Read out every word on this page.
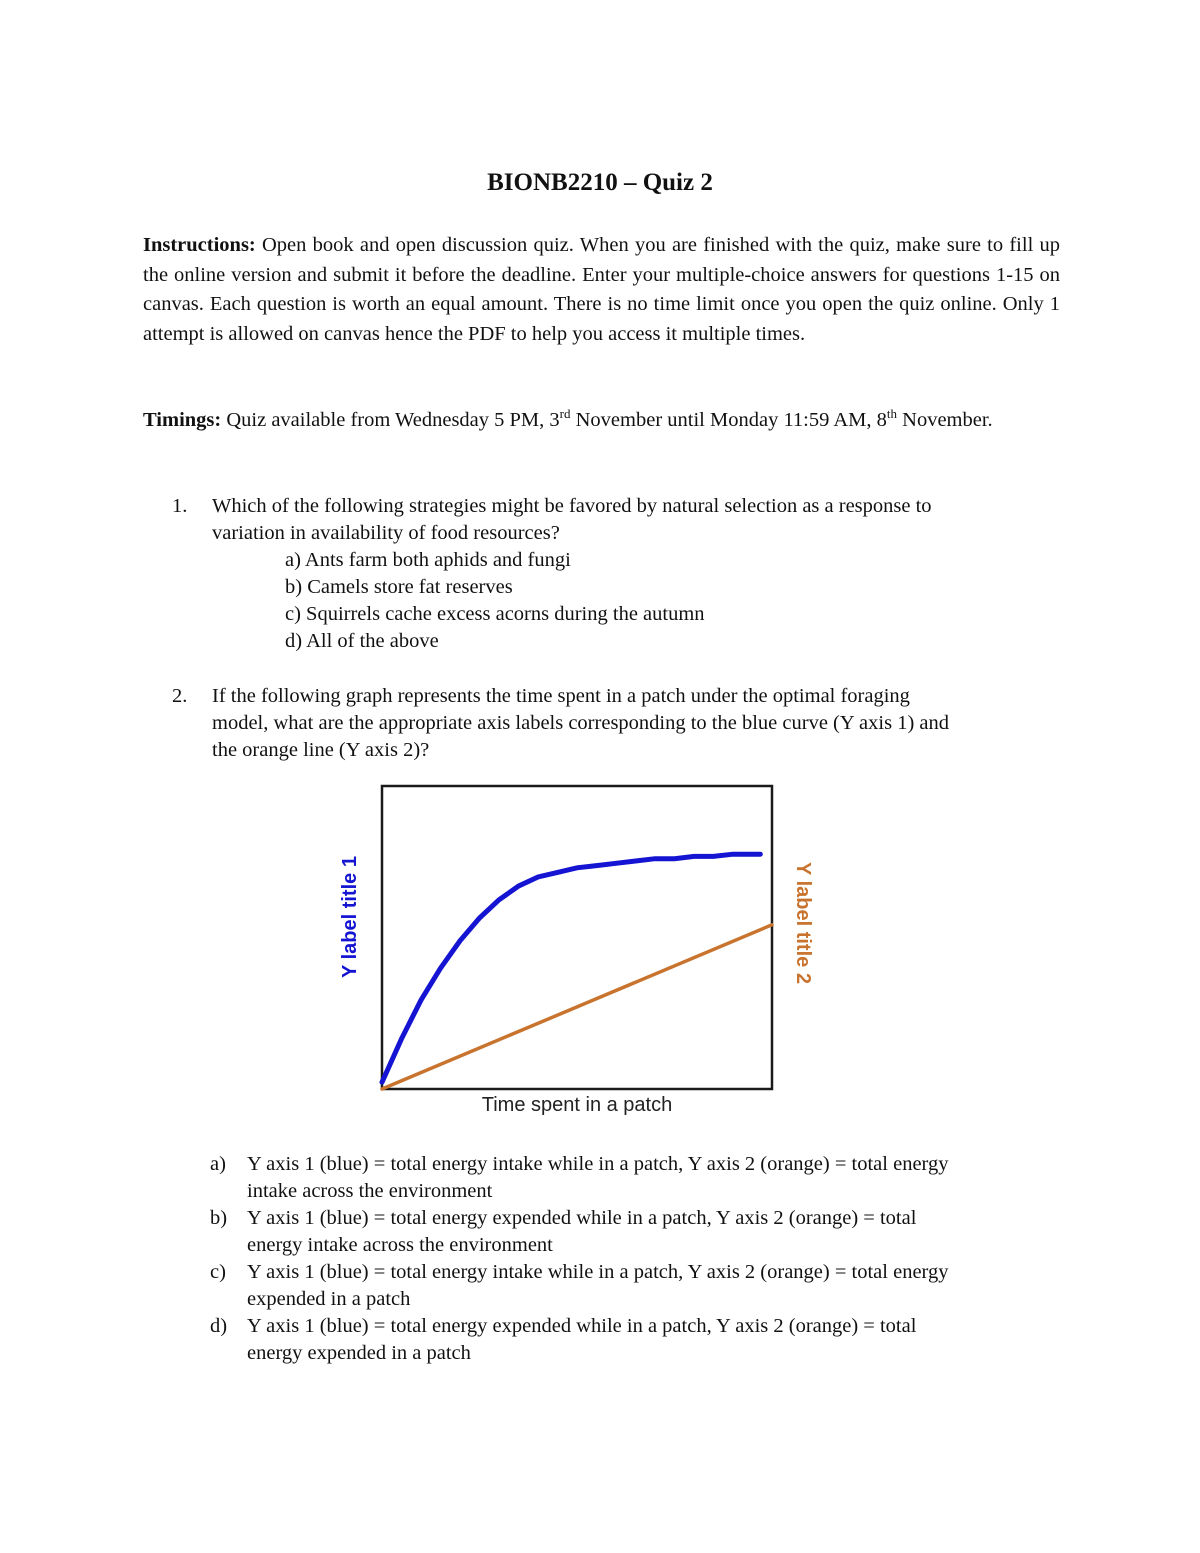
BIONB2210 – Quiz 2
Instructions: Open book and open discussion quiz. When you are finished with the quiz, make sure to fill up the online version and submit it before the deadline. Enter your multiple-choice answers for questions 1-15 on canvas. Each question is worth an equal amount. There is no time limit once you open the quiz online. Only 1 attempt is allowed on canvas hence the PDF to help you access it multiple times.
Timings: Quiz available from Wednesday 5 PM, 3rd November until Monday 11:59 AM, 8th November.
1. Which of the following strategies might be favored by natural selection as a response to
variation in availability of food resources?
a) Ants farm both aphids and fungi
b) Camels store fat reserves
c) Squirrels cache excess acorns during the autumn
d) All of the above
2. If the following graph represents the time spent in a patch under the optimal foraging
model, what are the appropriate axis labels corresponding to the blue curve (Y axis 1) and
the orange line (Y axis 2)?
Time spent in a patch
Y label title 1	Y label title 2
a) Y axis 1 (blue) = total energy intake while in a patch, Y axis 2 (orange) = total energy
intake across the environment
b) Y axis 1 (blue) = total energy expended while in a patch, Y axis 2 (orange) = total
energy intake across the environment
c) Y axis 1 (blue) = total energy intake while in a patch, Y axis 2 (orange) = total energy
expended in a patch
d) Y axis 1 (blue) = total energy expended while in a patch, Y axis 2 (orange) = total
energy expended in a patch
